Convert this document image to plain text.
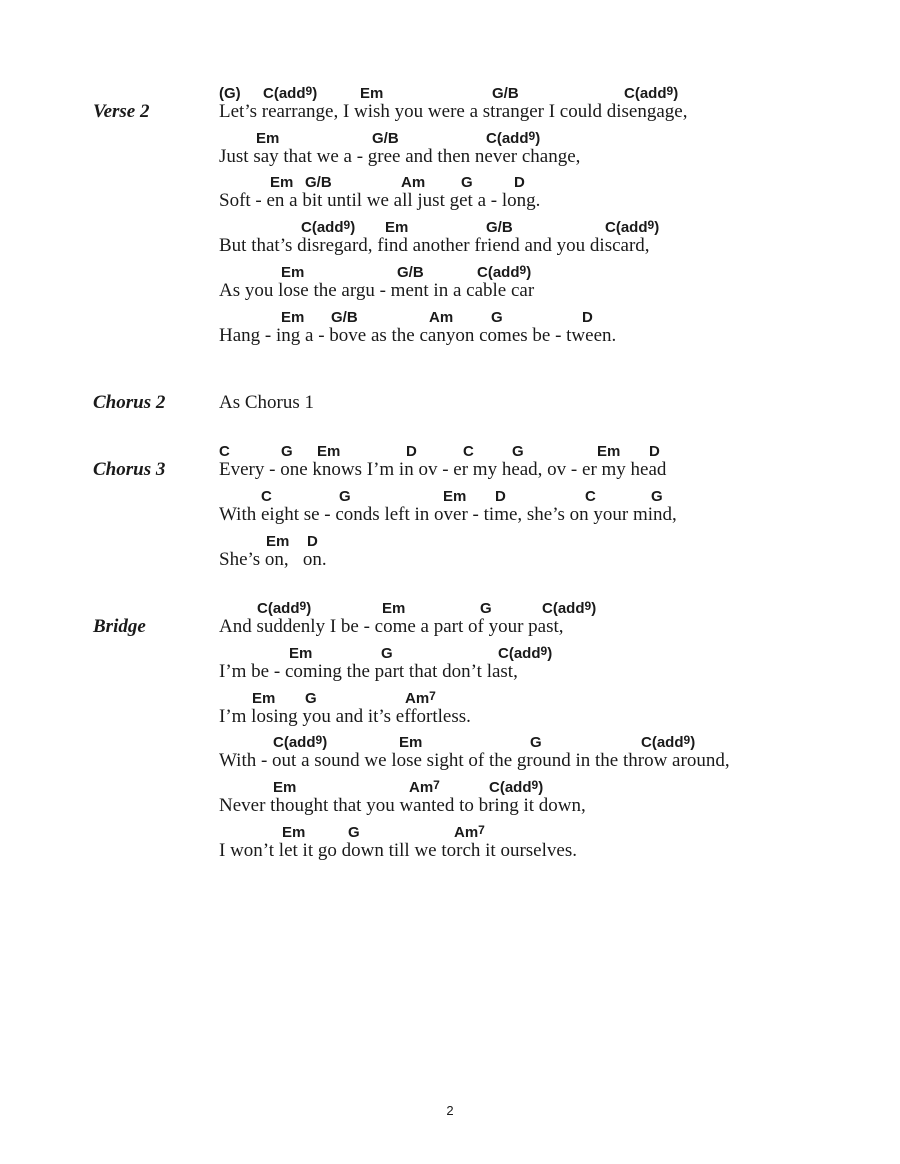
Verse 2
(G) C(add$^9$)	Em	G/B	C(add$^9$)
Let’s rearrange, I wish you were a stranger I could disengage,
Em	G/B	C(add$^9$)
Just say that we a - gree and then never change,
Em G/B	Am G	D
Soft - en a bit until we all just get a - long.
C(add$^9$) Em	G/B	C(add$^9$)
But that’s disregard, find another friend and you discard,
Em	G/B	C(add$^9$)
As you lose the argu - ment in a cable car
Em G/B	Am	G	D
Hang - ing a - bove as the canyon comes be - tween.
Chorus 2	As Chorus 1
Chorus 3
C	G Em	D	C	G	Em D
Every - one knows I’m in ov - er my head, ov - er my head
C	G	Em D	C	G
With eight se - conds left in over - time, she’s on your mind,
Em D
She’s on,   on.
Bridge
C(add$^9$)	Em	G	C(add$^9$)
And suddenly I be - come a part of your past,
Em	G	C(add$^9$)
I’m be - coming the part that don’t last,
Em G	Am$^7$
I’m losing you and it’s effortless.
C(add$^9$)	Em	G	C(add$^9$)
With - out a sound we lose sight of the ground in the throw around,
Em	Am$^7$	C(add$^9$)
Never thought that you wanted to bring it down,
Em	G	Am$^7$
I won’t let it go down till we torch it ourselves.
2
